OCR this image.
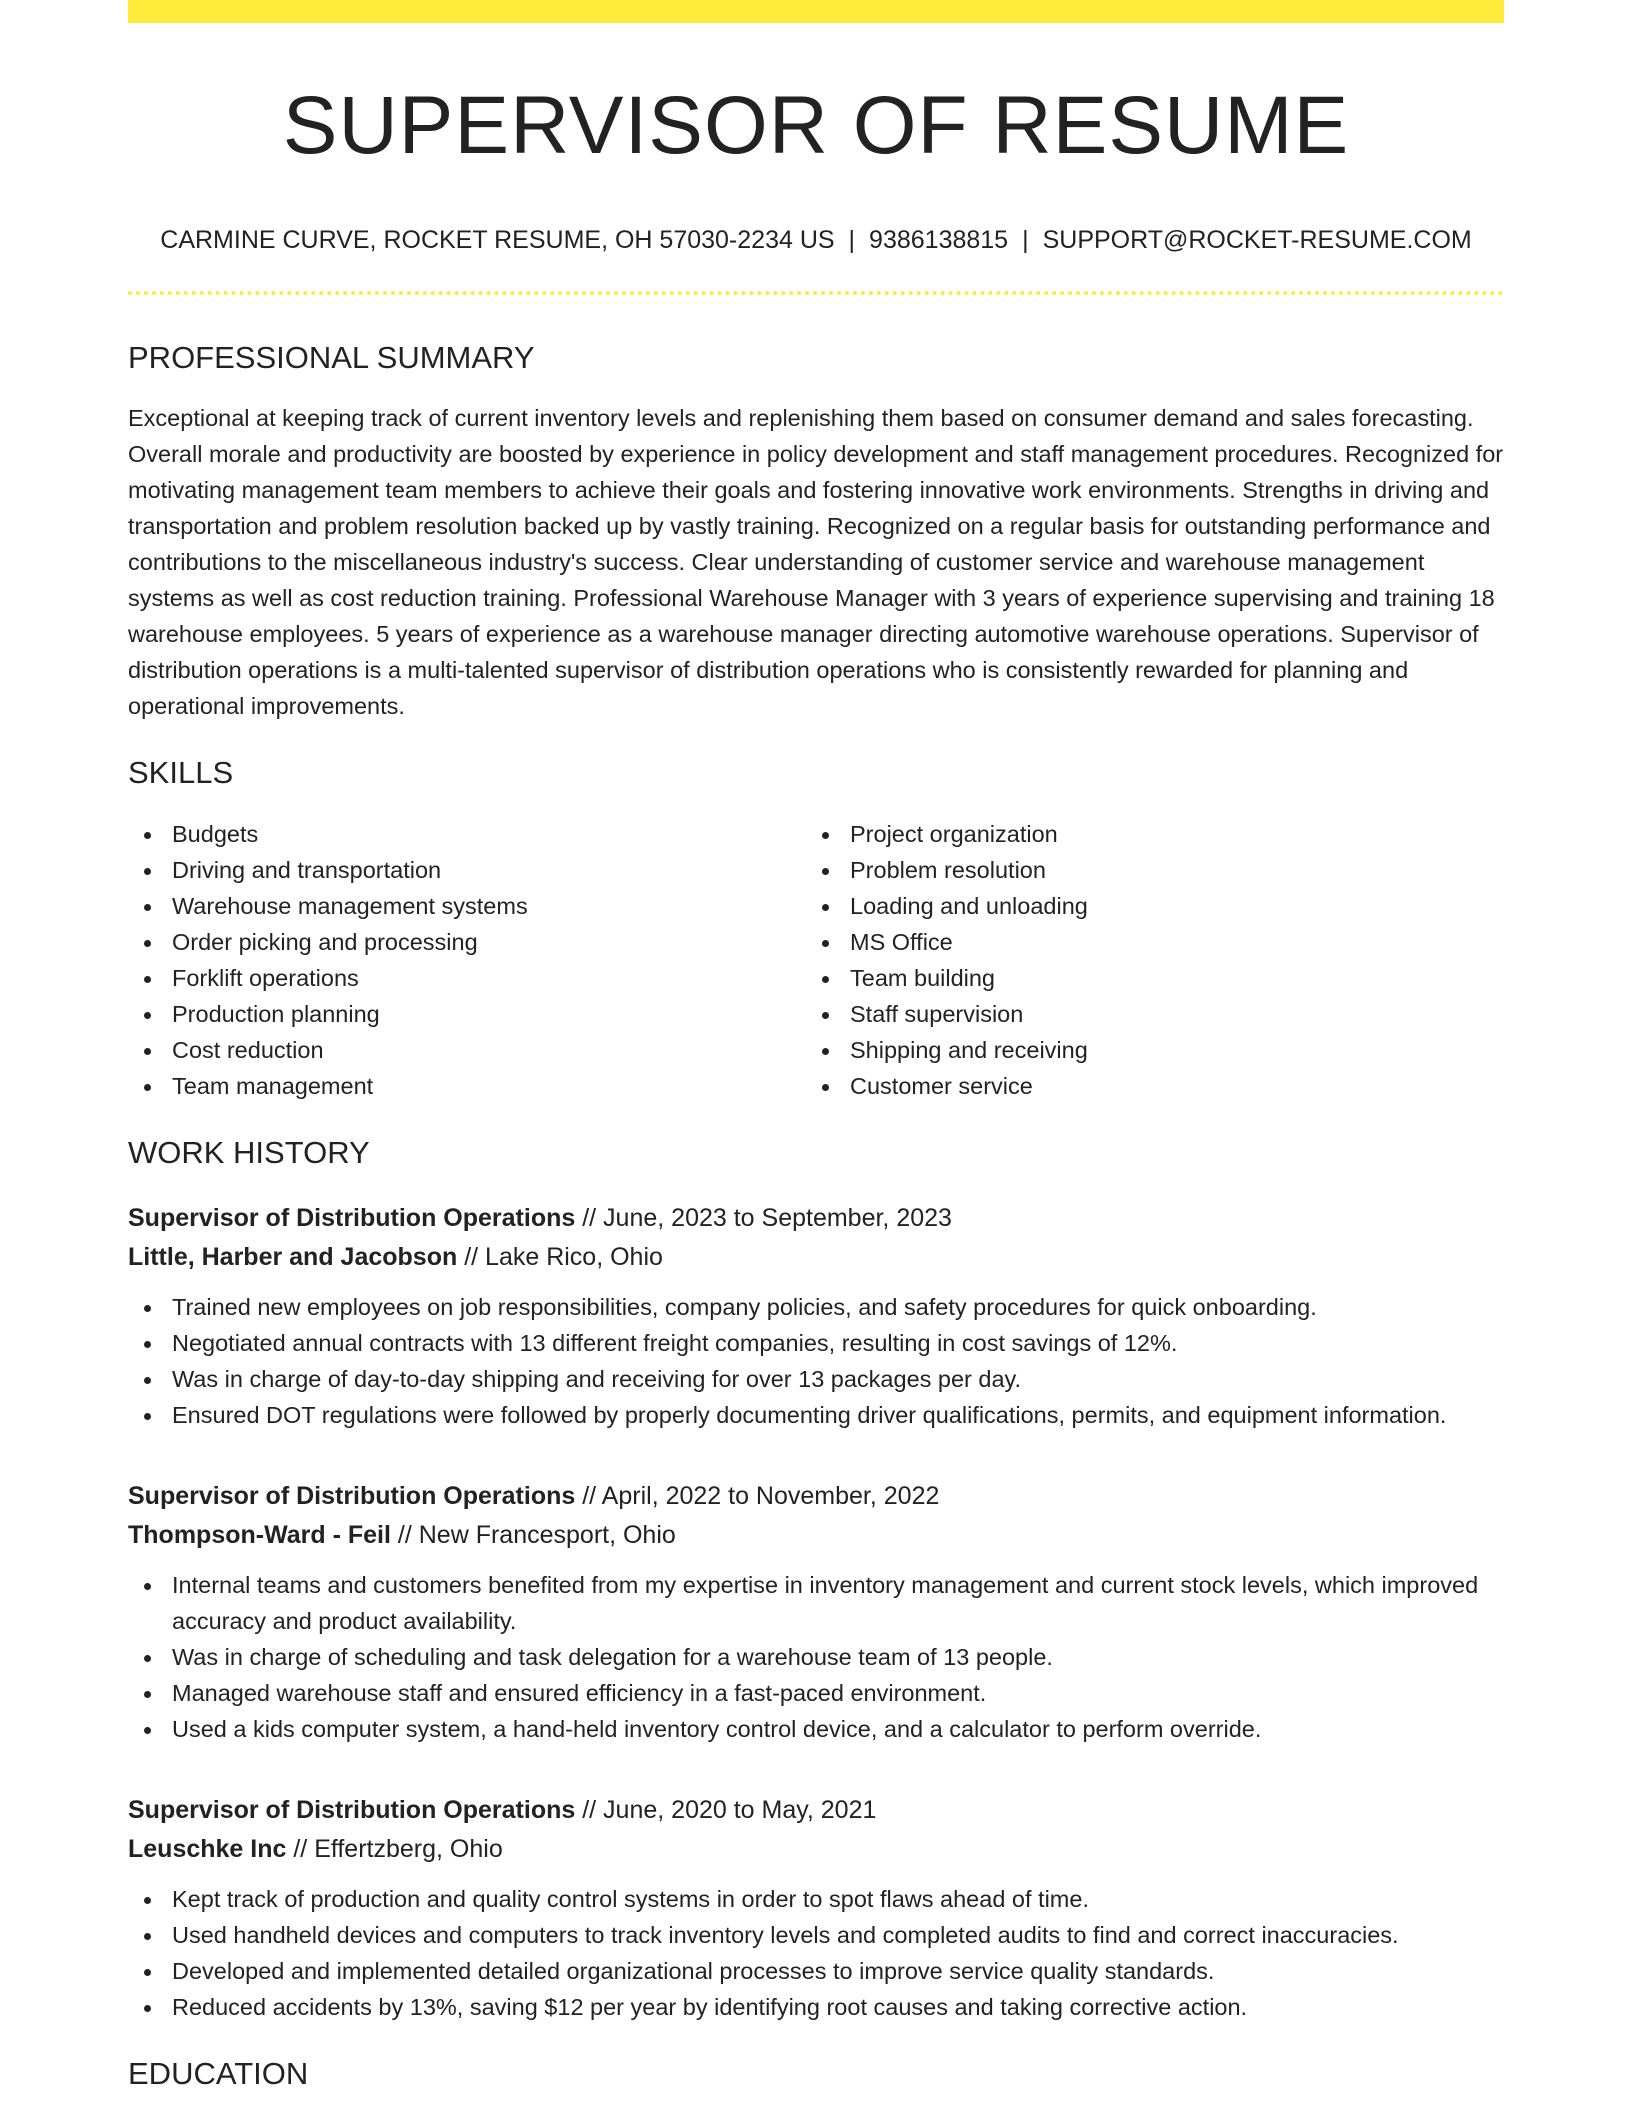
SUPERVISOR OF RESUME
CARMINE CURVE, ROCKET RESUME, OH 57030-2234 US | 9386138815 | SUPPORT@ROCKET-RESUME.COM
PROFESSIONAL SUMMARY
Exceptional at keeping track of current inventory levels and replenishing them based on consumer demand and sales forecasting. Overall morale and productivity are boosted by experience in policy development and staff management procedures. Recognized for motivating management team members to achieve their goals and fostering innovative work environments. Strengths in driving and transportation and problem resolution backed up by vastly training. Recognized on a regular basis for outstanding performance and contributions to the miscellaneous industry's success. Clear understanding of customer service and warehouse management systems as well as cost reduction training. Professional Warehouse Manager with 3 years of experience supervising and training 18 warehouse employees. 5 years of experience as a warehouse manager directing automotive warehouse operations. Supervisor of distribution operations is a multi-talented supervisor of distribution operations who is consistently rewarded for planning and operational improvements.
SKILLS
Budgets
Driving and transportation
Warehouse management systems
Order picking and processing
Forklift operations
Production planning
Cost reduction
Team management
Project organization
Problem resolution
Loading and unloading
MS Office
Team building
Staff supervision
Shipping and receiving
Customer service
WORK HISTORY
Supervisor of Distribution Operations // June, 2023 to September, 2023
Little, Harber and Jacobson // Lake Rico, Ohio
Trained new employees on job responsibilities, company policies, and safety procedures for quick onboarding.
Negotiated annual contracts with 13 different freight companies, resulting in cost savings of 12%.
Was in charge of day-to-day shipping and receiving for over 13 packages per day.
Ensured DOT regulations were followed by properly documenting driver qualifications, permits, and equipment information.
Supervisor of Distribution Operations // April, 2022 to November, 2022
Thompson-Ward - Feil // New Francesport, Ohio
Internal teams and customers benefited from my expertise in inventory management and current stock levels, which improved accuracy and product availability.
Was in charge of scheduling and task delegation for a warehouse team of 13 people.
Managed warehouse staff and ensured efficiency in a fast-paced environment.
Used a kids computer system, a hand-held inventory control device, and a calculator to perform override.
Supervisor of Distribution Operations // June, 2020 to May, 2021
Leuschke Inc // Effertzberg, Ohio
Kept track of production and quality control systems in order to spot flaws ahead of time.
Used handheld devices and computers to track inventory levels and completed audits to find and correct inaccuracies.
Developed and implemented detailed organizational processes to improve service quality standards.
Reduced accidents by 13%, saving $12 per year by identifying root causes and taking corrective action.
EDUCATION
